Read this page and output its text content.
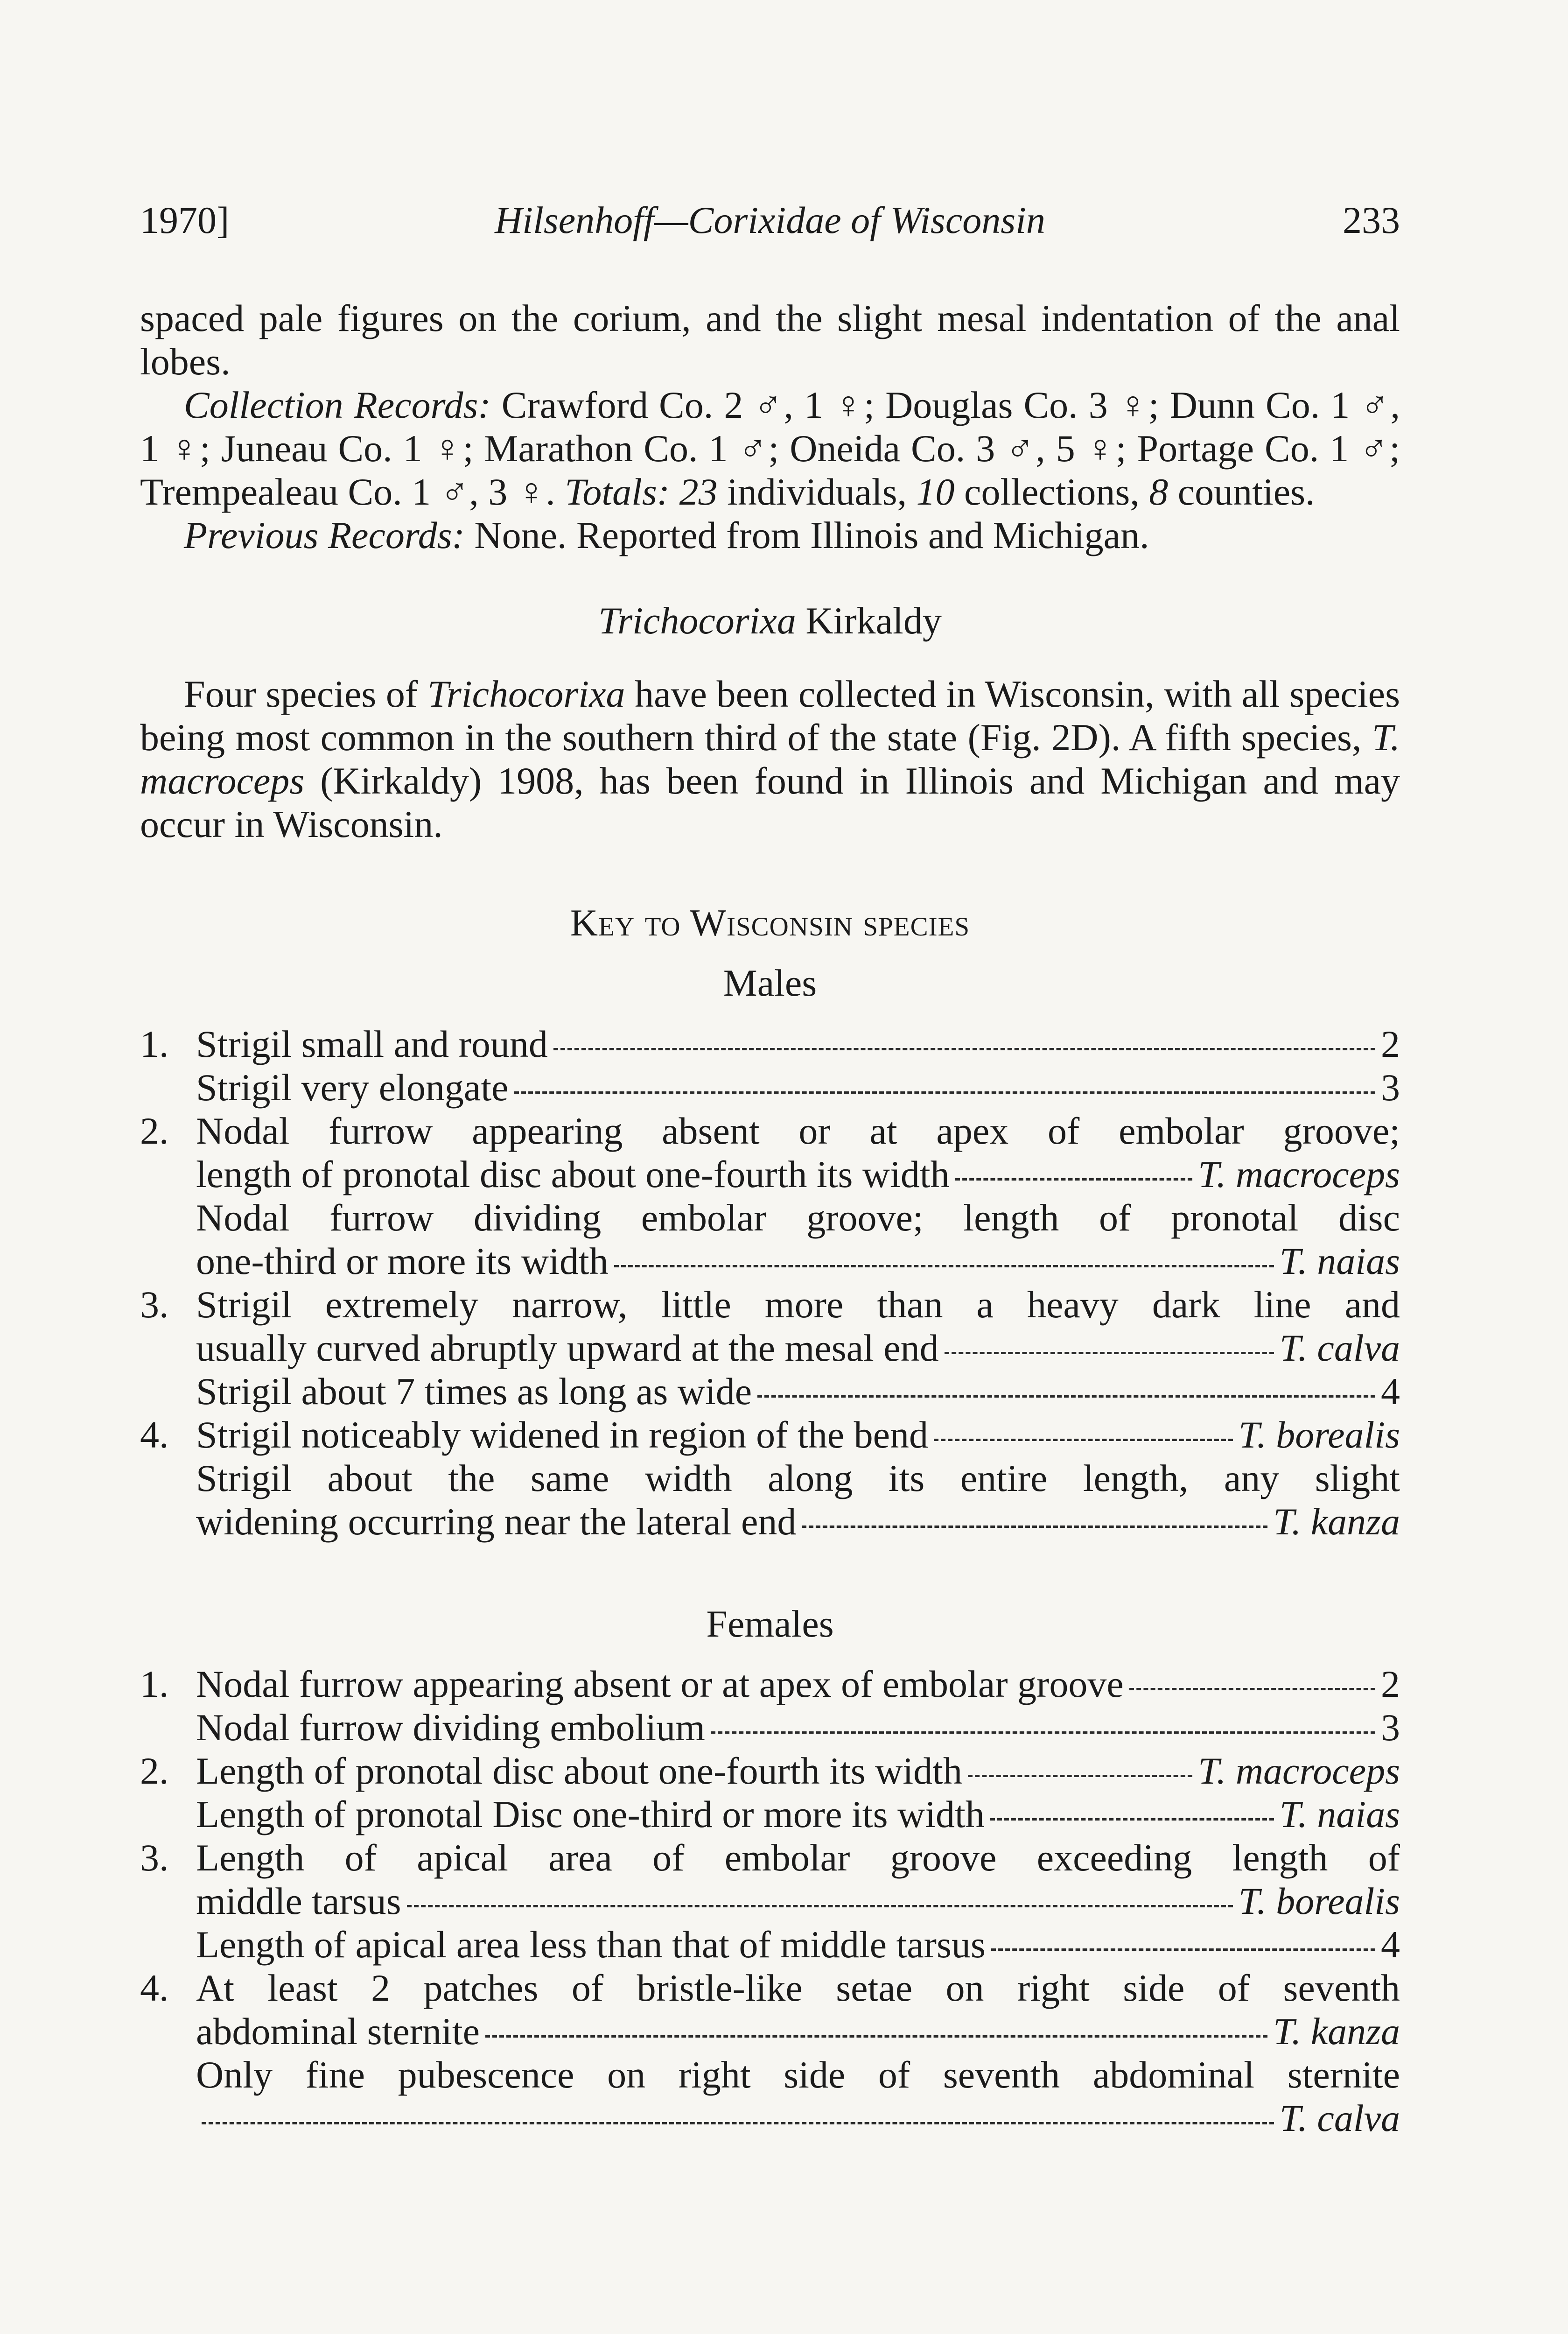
1970]	Hilsenhoff—Corixidae of Wisconsin	233

spaced pale figures on the corium, and the slight mesal indentation of the anal lobes.

Collection Records: Crawford Co. 2 ♂, 1 ♀; Douglas Co. 3 ♀; Dunn Co. 1 ♂, 1 ♀; Juneau Co. 1 ♀; Marathon Co. 1 ♂; Oneida Co. 3 ♂, 5 ♀; Portage Co. 1 ♂; Trempealeau Co. 1 ♂, 3 ♀. Totals: 23 individuals, 10 collections, 8 counties.

Previous Records: None. Reported from Illinois and Michigan.

Trichocorixa Kirkaldy

Four species of Trichocorixa have been collected in Wisconsin, with all species being most common in the southern third of the state (Fig. 2D). A fifth species, T. macroceps (Kirkaldy) 1908, has been found in Illinois and Michigan and may occur in Wisconsin.

Key to Wisconsin species
Males
1. Strigil small and round	2
Strigil very elongate	3
2. Nodal furrow appearing absent or at apex of embolar groove;
length of pronotal disc about one-fourth its width	T. macroceps
Nodal furrow dividing embolar groove; length of pronotal disc
one-third or more its width	T. naias
3. Strigil extremely narrow, little more than a heavy dark line and
usually curved abruptly upward at the mesal end	T. calva
Strigil about 7 times as long as wide	4
4. Strigil noticeably widened in region of the bend	T. borealis
Strigil about the same width along its entire length, any slight
widening occurring near the lateral end	T. kanza
Females
1. Nodal furrow appearing absent or at apex of embolar groove	2
Nodal furrow dividing embolium	3
2. Length of pronotal disc about one-fourth its width	T. macroceps
Length of pronotal Disc one-third or more its width	T. naias
3. Length of apical area of embolar groove exceeding length of
middle tarsus	T. borealis
Length of apical area less than that of middle tarsus	4
4. At least 2 patches of bristle-like setae on right side of seventh
abdominal sternite	T. kanza
Only fine pubescence on right side of seventh abdominal sternite
T. calva
